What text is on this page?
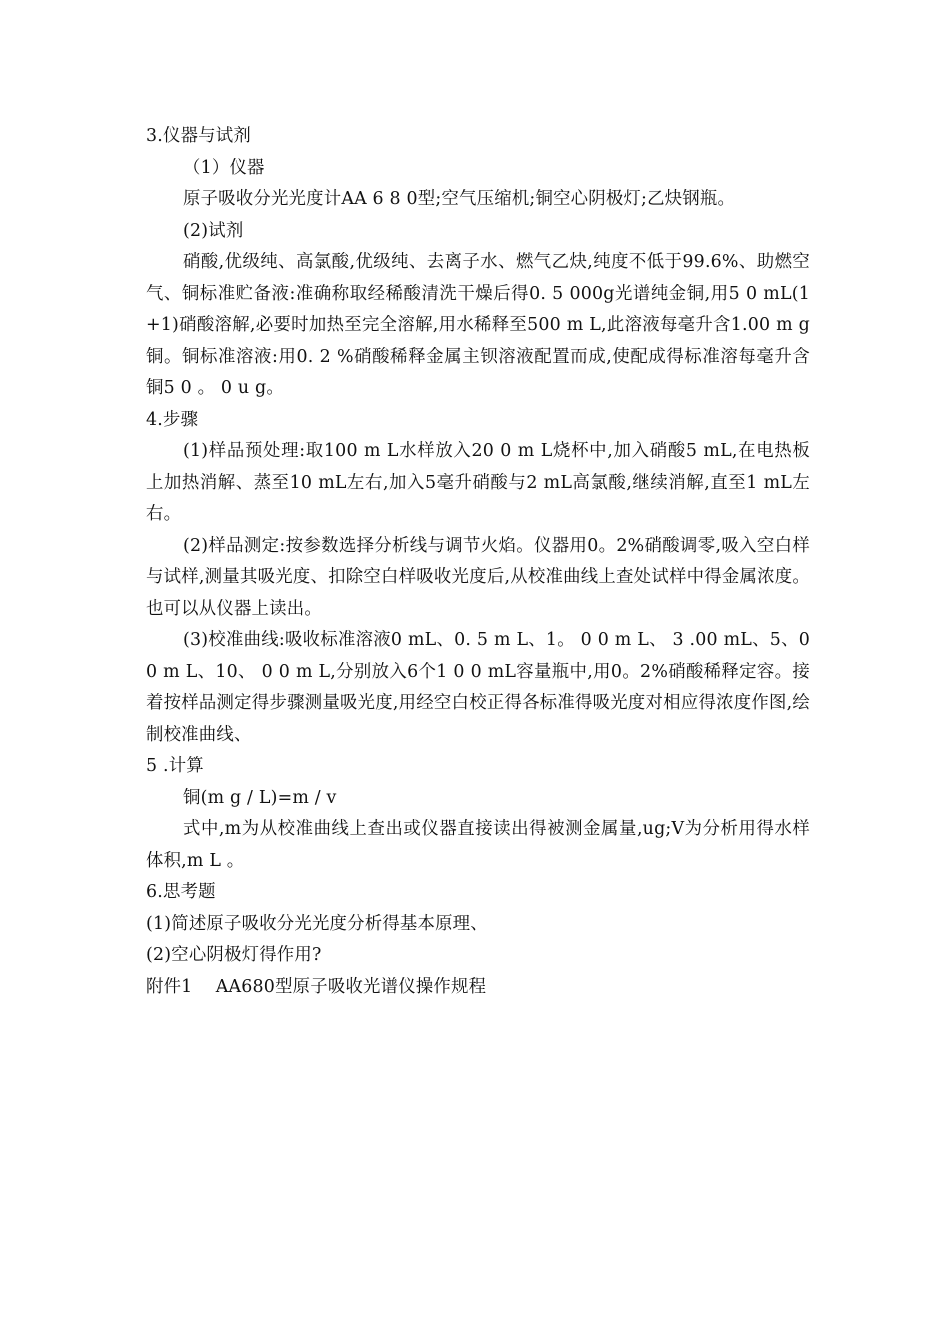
3.仪器与试剂

（1）仪器

原子吸收分光光度计AA 6 8 0型;空气压缩机;铜空心阴极灯;乙炔钢瓶。

(2)试剂

硝酸,优级纯、高氯酸,优级纯、去离子水、燃气乙炔,纯度不低于99.6%、助燃空气、铜标准贮备液:准确称取经稀酸清洗干燥后得0. 5 000g光谱纯金铜,用5 0 mL(1 +1)硝酸溶解,必要时加热至完全溶解,用水稀释至500 m L,此溶液每毫升含1.00 m g铜。铜标准溶液:用0. 2 %硝酸稀释金属主钡溶液配置而成,使配成得标准溶每毫升含铜5 0 。 0 u g。

4.步骤

(1)样品预处理:取100 m L水样放入20 0 m L烧杯中,加入硝酸5 mL,在电热板上加热消解、蒸至10 mL左右,加入5毫升硝酸与2 mL高氯酸,继续消解,直至1 mL左右。

(2)样品测定:按参数选择分析线与调节火焰。仪器用0。2%硝酸调零,吸入空白样与试样,测量其吸光度、扣除空白样吸收光度后,从校准曲线上查处试样中得金属浓度。也可以从仪器上读出。

(3)校准曲线:吸收标准溶液0 mL、0. 5 m L、1。 0 0 m L、 3 .00 mL、5、0 0 m L、10、 0 0 m L,分别放入6个1 0 0 mL容量瓶中,用0。2%硝酸稀释定容。接着按样品测定得步骤测量吸光度,用经空白校正得各标准得吸光度对相应得浓度作图,绘制校准曲线、

5 .计算

铜(m g / L)=m / v

式中,m为从校准曲线上查出或仪器直接读出得被测金属量,ug;V为分析用得水样体积,m L 。

6.思考题

(1)简述原子吸收分光光度分析得基本原理、

(2)空心阴极灯得作用?

附件1　 AA680型原子吸收光谱仪操作规程
